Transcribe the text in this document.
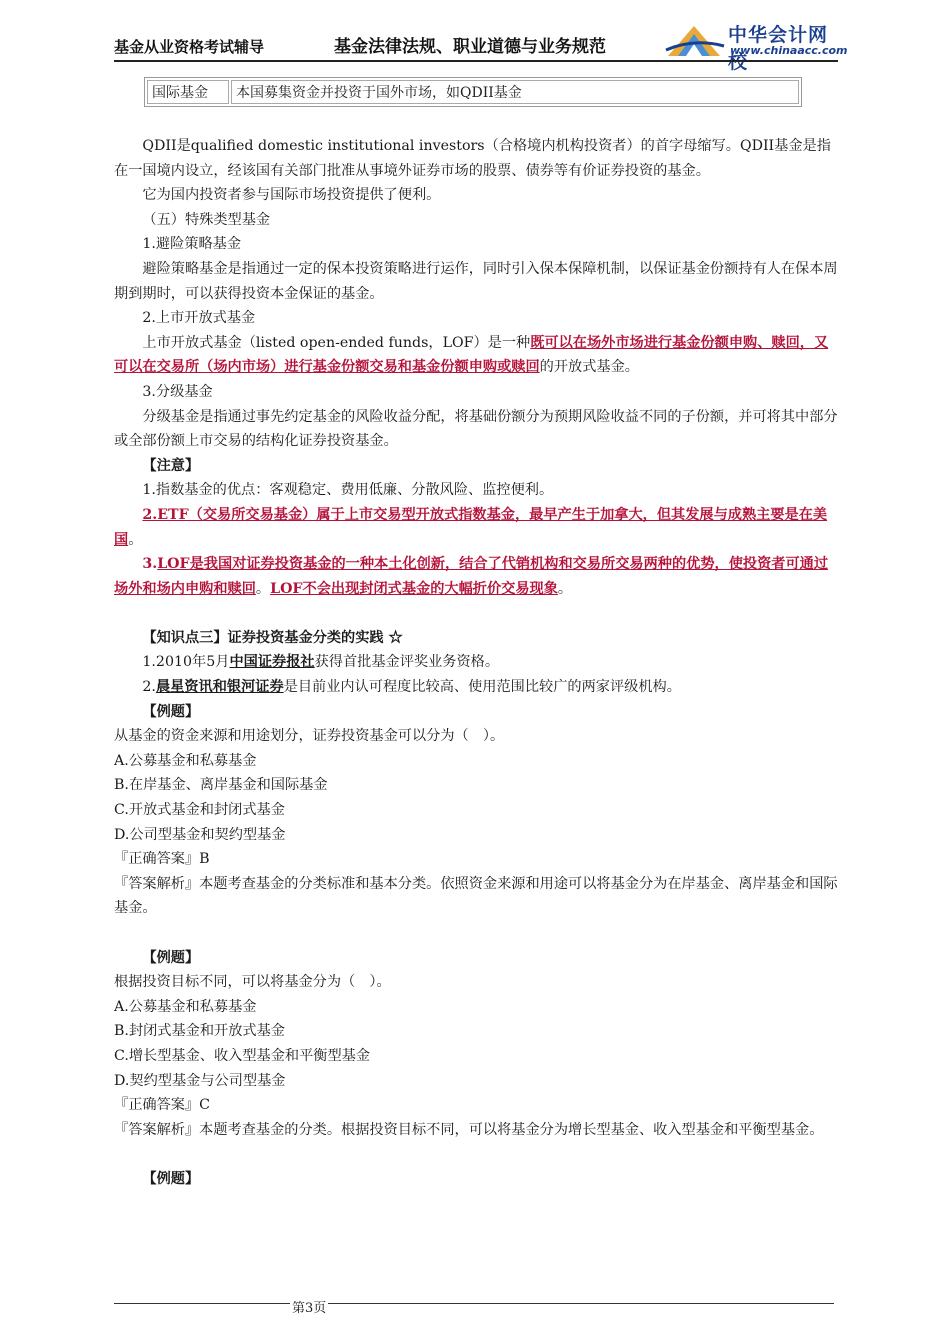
基金从业资格考试辅导	基金法律法规、职业道德与业务规范
中华会计网校
www.chinaacc.com
国际基金	本国募集资金并投资于国外市场，如QDII基金

QDII是qualified domestic institutional investors（合格境内机构投资者）的首字母缩写。QDII基金是指在一国境内设立，经该国有关部门批准从事境外证券市场的股票、债券等有价证券投资的基金。

它为国内投资者参与国际市场投资提供了便利。

（五）特殊类型基金

1.避险策略基金

避险策略基金是指通过一定的保本投资策略进行运作，同时引入保本保障机制，以保证基金份额持有人在保本周期到期时，可以获得投资本金保证的基金。

2.上市开放式基金

上市开放式基金（listed open-ended funds，LOF）是一种既可以在场外市场进行基金份额申购、赎回，又可以在交易所（场内市场）进行基金份额交易和基金份额申购或赎回的开放式基金。

3.分级基金

分级基金是指通过事先约定基金的风险收益分配，将基础份额分为预期风险收益不同的子份额，并可将其中部分或全部份额上市交易的结构化证券投资基金。

【注意】

1.指数基金的优点：客观稳定、费用低廉、分散风险、监控便利。

2.ETF（交易所交易基金）属于上市交易型开放式指数基金，最早产生于加拿大，但其发展与成熟主要是在美国。

3.LOF是我国对证券投资基金的一种本土化创新，结合了代销机构和交易所交易两种的优势，使投资者可通过场外和场内申购和赎回。LOF不会出现封闭式基金的大幅折价交易现象。

【知识点三】证券投资基金分类的实践 ☆

1.2010年5月中国证券报社获得首批基金评奖业务资格。

2.晨星资讯和银河证券是目前业内认可程度比较高、使用范围比较广的两家评级机构。

【例题】

从基金的资金来源和用途划分，证券投资基金可以分为（　）。

A.公募基金和私募基金

B.在岸基金、离岸基金和国际基金

C.开放式基金和封闭式基金

D.公司型基金和契约型基金

『正确答案』B

『答案解析』本题考查基金的分类标准和基本分类。依照资金来源和用途可以将基金分为在岸基金、离岸基金和国际基金。

【例题】

根据投资目标不同，可以将基金分为（　）。

A.公募基金和私募基金

B.封闭式基金和开放式基金

C.增长型基金、收入型基金和平衡型基金

D.契约型基金与公司型基金

『正确答案』C

『答案解析』本题考查基金的分类。根据投资目标不同，可以将基金分为增长型基金、收入型基金和平衡型基金。

【例题】

第3页
